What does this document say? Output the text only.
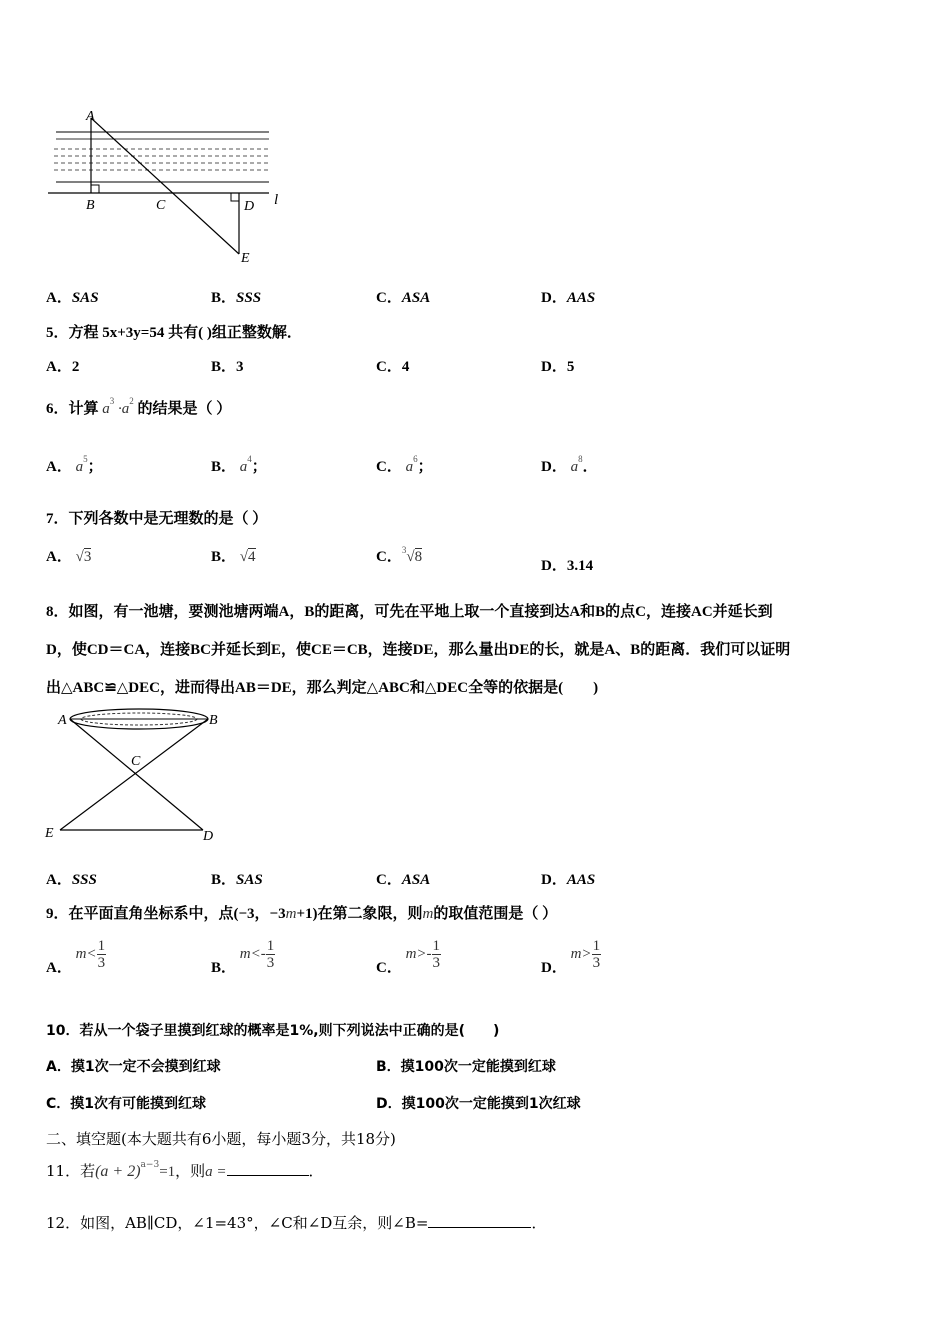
A
B	C	D
E
l
A．SAS	B．SSS	C．ASA	D．AAS
5．方程 5x+3y=54 共有( )组正整数解．
A．2	B．3	C．4	D．5
6．计算 $a^3 \cdot a^2$ 的结果是（ ）
A． $a^5$；	B． $a^4$；	C． $a^6$；	D． $a^8$．
7．下列各数中是无理数的是（ ）
A． √3	B． √4	C．$^3$√8
D．3.14
8．如图，有一池塘，要测池塘两端A，B的距离，可先在平地上取一个直接到达A和B的点C，连接AC并延长到
D，使CD＝CA，连接BC并延长到E，使CE＝CB，连接DE，那么量出DE的长，就是A、B的距离．我们可以证明
出△ABC≌△DEC，进而得出AB＝DE，那么判定△ABC和△DEC全等的依据是(　　)
A	B
C
E	D
A．SSS	B．SAS	C．ASA	D．AAS
9．在平面直角坐标系中，点(−3，−3m+1)在第二象限，则m的取值范围是（ ）
A． $m< \frac{1}{3}$	B． $m<- \frac{1}{3}$	C． $m>- \frac{1}{3}$	D． $m> \frac{1}{3}$
10．若从一个袋子里摸到红球的概率是1%,则下列说法中正确的是(　　)
A．摸1次一定不会摸到红球	B．摸100次一定能摸到红球
C．摸1次有可能摸到红球	D．摸100次一定能摸到1次红球
二、填空题(本大题共有6小题，每小题3分，共18分)
11．若$(a + 2)^{a-3}=1$，则a =	．
12．如图，AB∥CD，∠1=43°，∠C和∠D互余，则∠B=	．
